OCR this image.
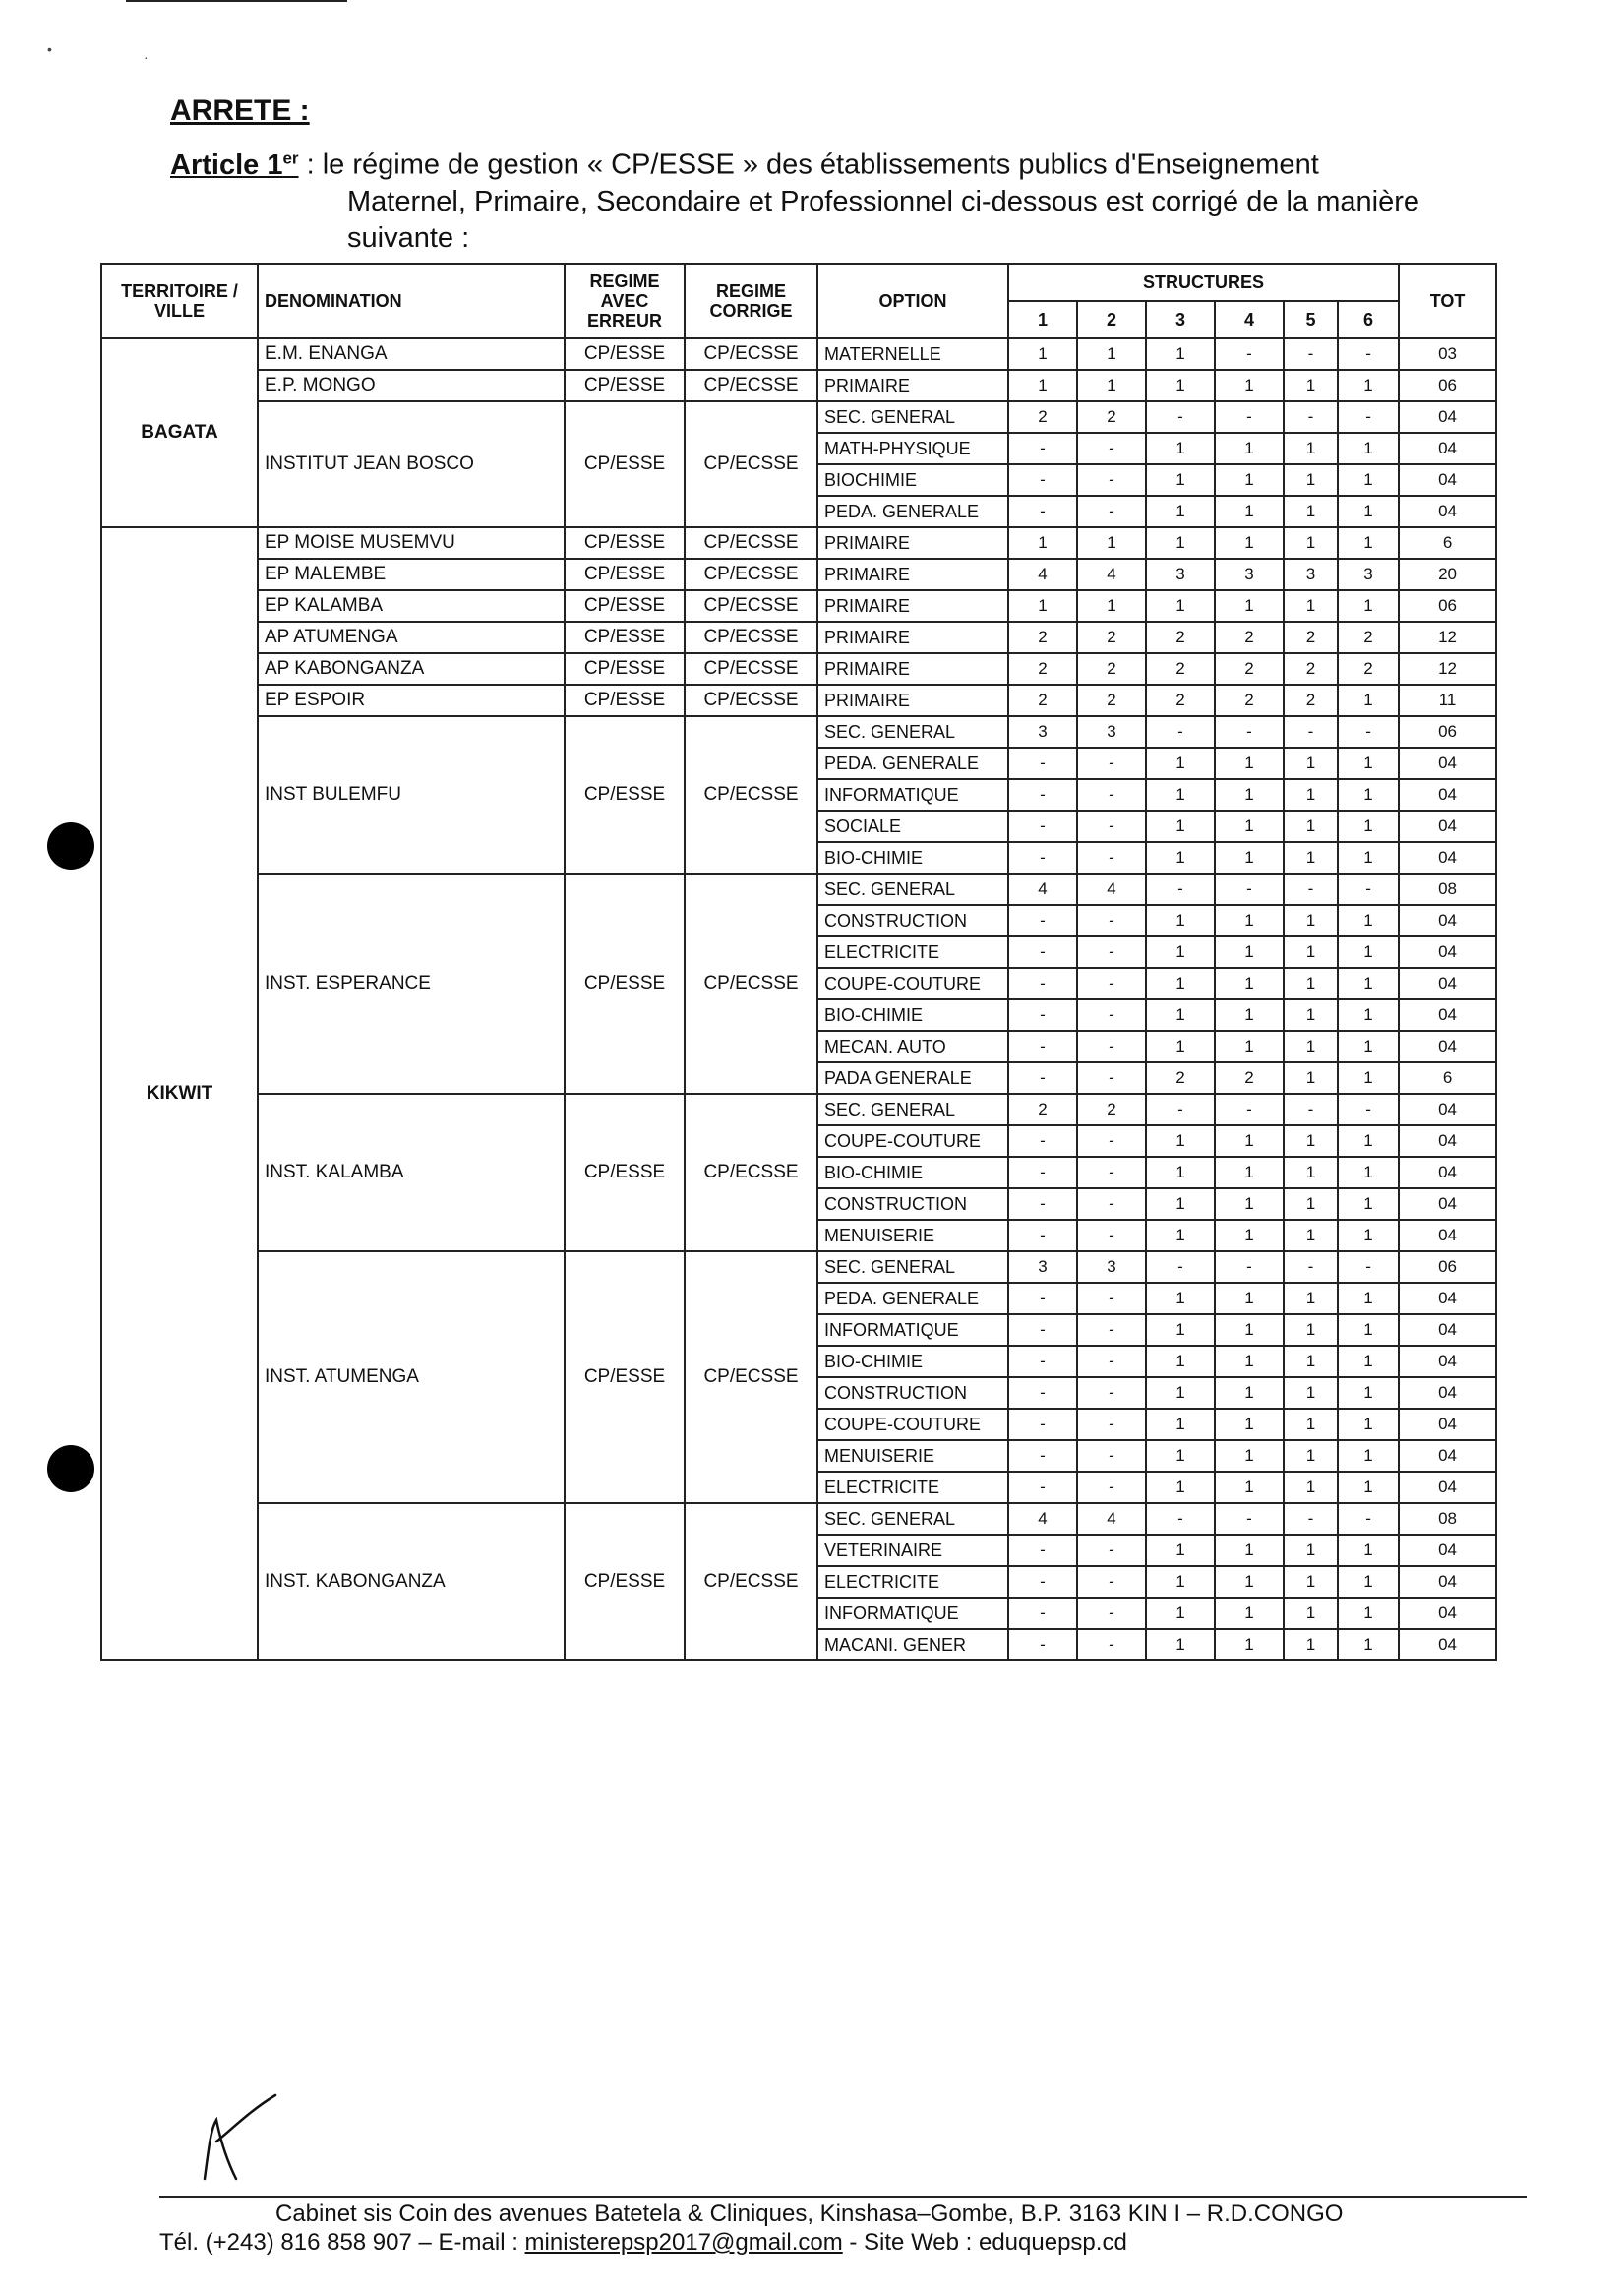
•	·
ARRETE :
Article 1er : le régime de gestion « CP/ESSE » des établissements publics d'Enseignement
Maternel, Primaire, Secondaire et Professionnel ci-dessous est corrigé de la manière suivante :
TERRITOIRE / VILLE	DENOMINATION	REGIME AVEC ERREUR	REGIME CORRIGE	OPTION	STRUCTURES						TOT
					1	2	3	4	5	6	
BAGATA	E.M. ENANGA	CP/ESSE	CP/ECSSE	MATERNELLE	1	1	1	-	-	-	03
	E.P. MONGO	CP/ESSE	CP/ECSSE	PRIMAIRE	1	1	1	1	1	1	06
	INSTITUT JEAN BOSCO	CP/ESSE	CP/ECSSE	SEC. GENERAL	2	2	-	-	-	-	04
				MATH-PHYSIQUE	-	-	1	1	1	1	04
				BIOCHIMIE	-	-	1	1	1	1	04
				PEDA. GENERALE	-	-	1	1	1	1	04
KIKWIT	EP MOISE MUSEMVU	CP/ESSE	CP/ECSSE	PRIMAIRE	1	1	1	1	1	1	6
	EP MALEMBE	CP/ESSE	CP/ECSSE	PRIMAIRE	4	4	3	3	3	3	20
	EP KALAMBA	CP/ESSE	CP/ECSSE	PRIMAIRE	1	1	1	1	1	1	06
	AP ATUMENGA	CP/ESSE	CP/ECSSE	PRIMAIRE	2	2	2	2	2	2	12
	AP KABONGANZA	CP/ESSE	CP/ECSSE	PRIMAIRE	2	2	2	2	2	2	12
	EP ESPOIR	CP/ESSE	CP/ECSSE	PRIMAIRE	2	2	2	2	2	1	11
	INST BULEMFU	CP/ESSE	CP/ECSSE	SEC. GENERAL	3	3	-	-	-	-	06
				PEDA. GENERALE	-	-	1	1	1	1	04
				INFORMATIQUE	-	-	1	1	1	1	04
				SOCIALE	-	-	1	1	1	1	04
				BIO-CHIMIE	-	-	1	1	1	1	04
	INST. ESPERANCE	CP/ESSE	CP/ECSSE	SEC. GENERAL	4	4	-	-	-	-	08
				CONSTRUCTION	-	-	1	1	1	1	04
				ELECTRICITE	-	-	1	1	1	1	04
				COUPE-COUTURE	-	-	1	1	1	1	04
				BIO-CHIMIE	-	-	1	1	1	1	04
				MECAN. AUTO	-	-	1	1	1	1	04
				PADA GENERALE	-	-	2	2	1	1	6
	INST. KALAMBA	CP/ESSE	CP/ECSSE	SEC. GENERAL	2	2	-	-	-	-	04
				COUPE-COUTURE	-	-	1	1	1	1	04
				BIO-CHIMIE	-	-	1	1	1	1	04
				CONSTRUCTION	-	-	1	1	1	1	04
				MENUISERIE	-	-	1	1	1	1	04
	INST. ATUMENGA	CP/ESSE	CP/ECSSE	SEC. GENERAL	3	3	-	-	-	-	06
				PEDA. GENERALE	-	-	1	1	1	1	04
				INFORMATIQUE	-	-	1	1	1	1	04
				BIO-CHIMIE	-	-	1	1	1	1	04
				CONSTRUCTION	-	-	1	1	1	1	04
				COUPE-COUTURE	-	-	1	1	1	1	04
				MENUISERIE	-	-	1	1	1	1	04
				ELECTRICITE	-	-	1	1	1	1	04
	INST. KABONGANZA	CP/ESSE	CP/ECSSE	SEC. GENERAL	4	4	-	-	-	-	08
				VETERINAIRE	-	-	1	1	1	1	04
				ELECTRICITE	-	-	1	1	1	1	04
				INFORMATIQUE	-	-	1	1	1	1	04
				MACANI. GENER	-	-	1	1	1	1	04
Cabinet sis Coin des avenues Batetela & Cliniques, Kinshasa–Gombe, B.P. 3163 KIN I – R.D.CONGO
Tél. (+243) 816 858 907 – E-mail : ministerepsp2017@gmail.com - Site Web : eduquepsp.cd
